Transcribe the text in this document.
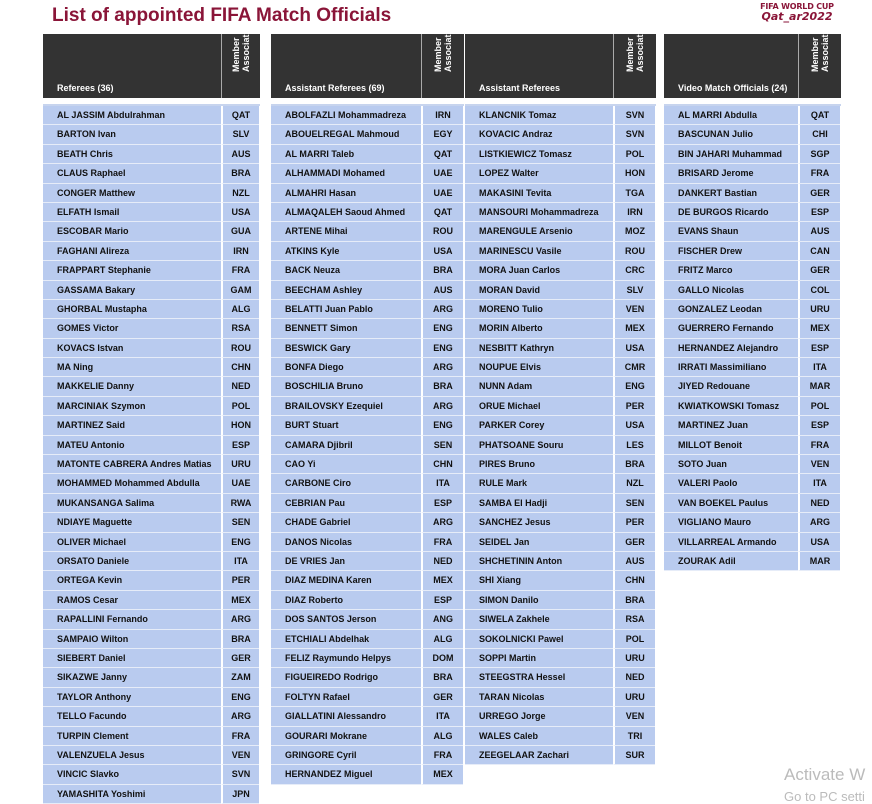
List of appointed FIFA Match Officials	FIFA WORLD CUP
Qat_ar2022
Referees (36)
Member Association
AL JASSIM Abdulrahman	QAT
BARTON Ivan	SLV
BEATH Chris	AUS
CLAUS Raphael	BRA
CONGER Matthew	NZL
ELFATH Ismail	USA
ESCOBAR Mario	GUA
FAGHANI Alireza	IRN
FRAPPART Stephanie	FRA
GASSAMA Bakary	GAM
GHORBAL Mustapha	ALG
GOMES Victor	RSA
KOVACS Istvan	ROU
MA Ning	CHN
MAKKELIE Danny	NED
MARCINIAK Szymon	POL
MARTINEZ Said	HON
MATEU Antonio	ESP
MATONTE CABRERA Andres Matias	URU
MOHAMMED Mohammed Abdulla	UAE
MUKANSANGA Salima	RWA
NDIAYE Maguette	SEN
OLIVER Michael	ENG
ORSATO Daniele	ITA
ORTEGA Kevin	PER
RAMOS Cesar	MEX
RAPALLINI Fernando	ARG
SAMPAIO Wilton	BRA
SIEBERT Daniel	GER
SIKAZWE Janny	ZAM
TAYLOR Anthony	ENG
TELLO Facundo	ARG
TURPIN Clement	FRA
VALENZUELA Jesus	VEN
VINCIC Slavko	SVN
YAMASHITA Yoshimi	JPN
Assistant Referees (69)
Member Association
ABOLFAZLI Mohammadreza	IRN
ABOUELREGAL Mahmoud	EGY
AL MARRI Taleb	QAT
ALHAMMADI Mohamed	UAE
ALMAHRI Hasan	UAE
ALMAQALEH Saoud Ahmed	QAT
ARTENE Mihai	ROU
ATKINS Kyle	USA
BACK Neuza	BRA
BEECHAM Ashley	AUS
BELATTI Juan Pablo	ARG
BENNETT Simon	ENG
BESWICK Gary	ENG
BONFA Diego	ARG
BOSCHILIA Bruno	BRA
BRAILOVSKY Ezequiel	ARG
BURT Stuart	ENG
CAMARA Djibril	SEN
CAO Yi	CHN
CARBONE Ciro	ITA
CEBRIAN Pau	ESP
CHADE Gabriel	ARG
DANOS Nicolas	FRA
DE VRIES Jan	NED
DIAZ MEDINA Karen	MEX
DIAZ Roberto	ESP
DOS SANTOS Jerson	ANG
ETCHIALI Abdelhak	ALG
FELIZ Raymundo Helpys	DOM
FIGUEIREDO Rodrigo	BRA
FOLTYN Rafael	GER
GIALLATINI Alessandro	ITA
GOURARI Mokrane	ALG
GRINGORE Cyril	FRA
HERNANDEZ Miguel	MEX
Assistant Referees
Member Association
KLANCNIK Tomaz	SVN
KOVACIC Andraz	SVN
LISTKIEWICZ Tomasz	POL
LOPEZ Walter	HON
MAKASINI Tevita	TGA
MANSOURI Mohammadreza	IRN
MARENGULE Arsenio	MOZ
MARINESCU Vasile	ROU
MORA Juan Carlos	CRC
MORAN David	SLV
MORENO Tulio	VEN
MORIN Alberto	MEX
NESBITT Kathryn	USA
NOUPUE Elvis	CMR
NUNN Adam	ENG
ORUE Michael	PER
PARKER Corey	USA
PHATSOANE Souru	LES
PIRES Bruno	BRA
RULE Mark	NZL
SAMBA El Hadji	SEN
SANCHEZ Jesus	PER
SEIDEL Jan	GER
SHCHETININ Anton	AUS
SHI Xiang	CHN
SIMON Danilo	BRA
SIWELA Zakhele	RSA
SOKOLNICKI Pawel	POL
SOPPI Martin	URU
STEEGSTRA Hessel	NED
TARAN Nicolas	URU
URREGO Jorge	VEN
WALES Caleb	TRI
ZEEGELAAR Zachari	SUR
Video Match Officials (24)
Member Association
AL MARRI Abdulla	QAT
BASCUNAN Julio	CHI
BIN JAHARI Muhammad	SGP
BRISARD Jerome	FRA
DANKERT Bastian	GER
DE BURGOS Ricardo	ESP
EVANS Shaun	AUS
FISCHER Drew	CAN
FRITZ Marco	GER
GALLO Nicolas	COL
GONZALEZ Leodan	URU
GUERRERO Fernando	MEX
HERNANDEZ Alejandro	ESP
IRRATI Massimiliano	ITA
JIYED Redouane	MAR
KWIATKOWSKI Tomasz	POL
MARTINEZ Juan	ESP
MILLOT Benoit	FRA
SOTO Juan	VEN
VALERI Paolo	ITA
VAN BOEKEL Paulus	NED
VIGLIANO Mauro	ARG
VILLARREAL Armando	USA
ZOURAK Adil	MAR
Activate W
Go to PC setti
